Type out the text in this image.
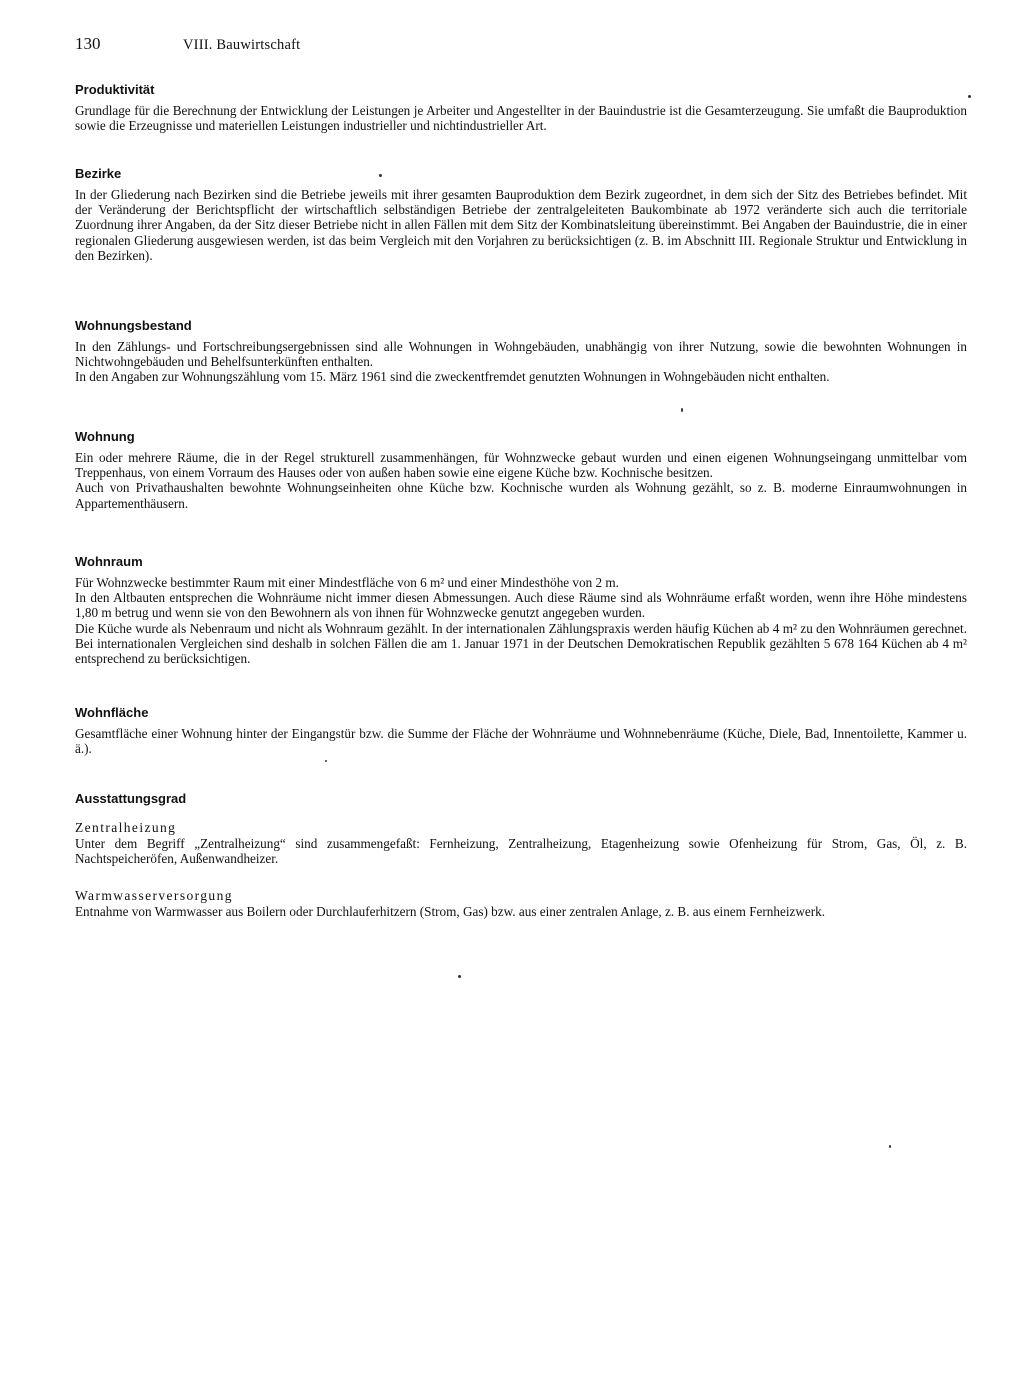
130	VIII. Bauwirtschaft
Produktivität

Grundlage für die Berechnung der Entwicklung der Leistungen je Arbeiter und Angestellter in der Bauindustrie ist die Gesamterzeugung. Sie umfaßt die Bauproduktion sowie die Erzeugnisse und materiellen Leistungen industrieller und nichtindustrieller Art.

Bezirke

In der Gliederung nach Bezirken sind die Betriebe jeweils mit ihrer gesamten Bauproduktion dem Bezirk zugeordnet, in dem sich der Sitz des Betriebes befindet. Mit der Veränderung der Berichtspflicht der wirtschaftlich selbständigen Betriebe der zentralgeleiteten Baukombinate ab 1972 veränderte sich auch die territoriale Zuordnung ihrer Angaben, da der Sitz dieser Betriebe nicht in allen Fällen mit dem Sitz der Kombinatsleitung übereinstimmt. Bei Angaben der Bauindustrie, die in einer regionalen Gliederung ausgewiesen werden, ist das beim Vergleich mit den Vorjahren zu berücksichtigen (z. B. im Abschnitt III. Regionale Struktur und Entwicklung in den Bezirken).

Wohnungsbestand

In den Zählungs- und Fortschreibungsergebnissen sind alle Wohnungen in Wohngebäuden, unabhängig von ihrer Nutzung, sowie die bewohnten Wohnungen in Nichtwohngebäuden und Behelfsunterkünften enthalten.

In den Angaben zur Wohnungszählung vom 15. März 1961 sind die zweckentfremdet genutzten Wohnungen in Wohngebäuden nicht enthalten.

Wohnung

Ein oder mehrere Räume, die in der Regel strukturell zusammenhängen, für Wohnzwecke gebaut wurden und einen eigenen Wohnungseingang unmittelbar vom Treppenhaus, von einem Vorraum des Hauses oder von außen haben sowie eine eigene Küche bzw. Kochnische besitzen.

Auch von Privathaushalten bewohnte Wohnungseinheiten ohne Küche bzw. Kochnische wurden als Wohnung gezählt, so z. B. moderne Einraumwohnungen in Appartementhäusern.

Wohnraum

Für Wohnzwecke bestimmter Raum mit einer Mindestfläche von 6 m² und einer Mindesthöhe von 2 m.

In den Altbauten entsprechen die Wohnräume nicht immer diesen Abmessungen. Auch diese Räume sind als Wohnräume erfaßt worden, wenn ihre Höhe mindestens 1,80 m betrug und wenn sie von den Bewohnern als von ihnen für Wohnzwecke genutzt angegeben wurden.

Die Küche wurde als Nebenraum und nicht als Wohnraum gezählt. In der internationalen Zählungspraxis werden häufig Küchen ab 4 m² zu den Wohnräumen gerechnet. Bei internationalen Vergleichen sind deshalb in solchen Fällen die am 1. Januar 1971 in der Deutschen Demokratischen Republik gezählten 5 678 164 Küchen ab 4 m² entsprechend zu berücksichtigen.

Wohnfläche

Gesamtfläche einer Wohnung hinter der Eingangstür bzw. die Summe der Fläche der Wohnräume und Wohnnebenräume (Küche, Diele, Bad, Innentoilette, Kammer u. ä.).

Ausstattungsgrad
Zentralheizung

Unter dem Begriff „Zentralheizung“ sind zusammengefaßt: Fernheizung, Zentralheizung, Etagenheizung sowie Ofenheizung für Strom, Gas, Öl, z. B. Nachtspeicheröfen, Außenwandheizer.

Warmwasserversorgung

Entnahme von Warmwasser aus Boilern oder Durchlauferhitzern (Strom, Gas) bzw. aus einer zentralen Anlage, z. B. aus einem Fernheizwerk.
